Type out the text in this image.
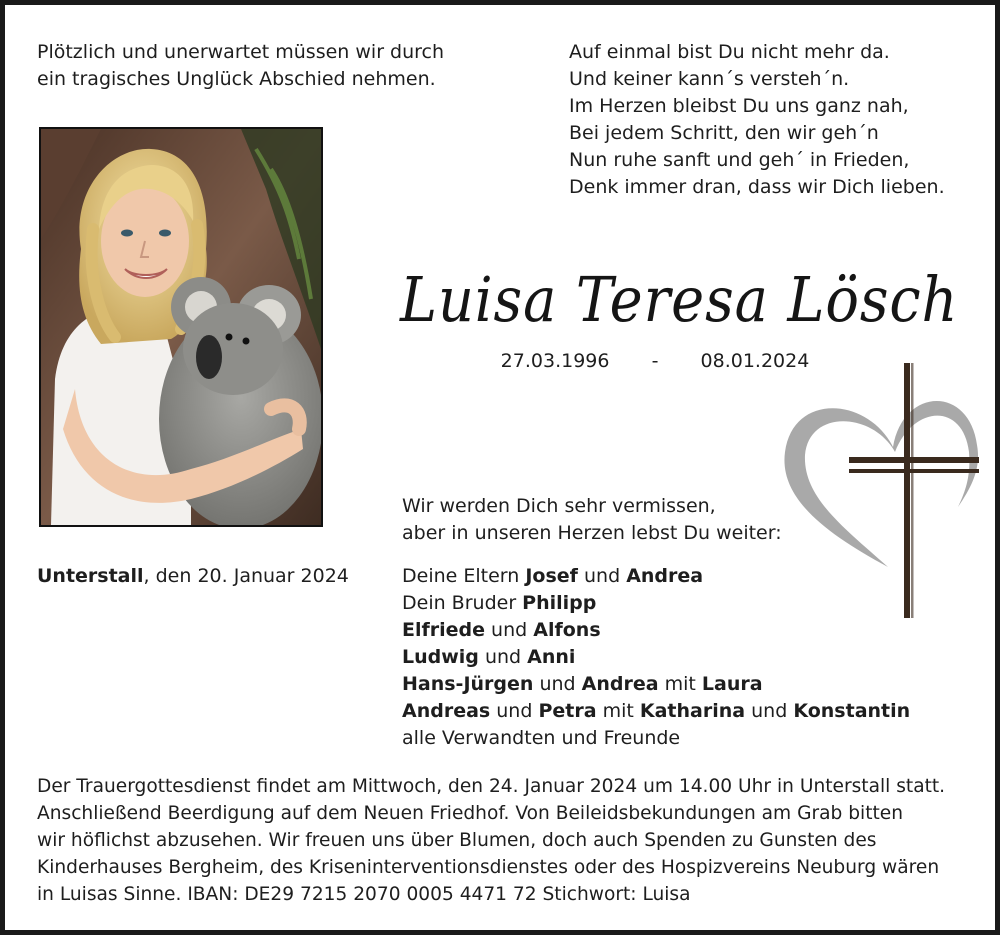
Plötzlich und unerwartet müssen wir durch
ein tragisches Unglück Abschied nehmen.
Auf einmal bist Du nicht mehr da.
Und keiner kann´s versteh´n.
Im Herzen bleibst Du uns ganz nah,
Bei jedem Schritt, den wir geh´n
Nun ruhe sanft und geh´ in Frieden,
Denk immer dran, dass wir Dich lieben.
Luisa Teresa Lösch
27.03.1996 - 08.01.2024
Wir werden Dich sehr vermissen,
aber in unseren Herzen lebst Du weiter:
Unterstall, den 20. Januar 2024	Deine Eltern Josef und Andrea
Dein Bruder Philipp
Elfriede und Alfons
Ludwig und Anni
Hans-Jürgen und Andrea mit Laura
Andreas und Petra mit Katharina und Konstantin
alle Verwandten und Freunde
Der Trauergottesdienst findet am Mittwoch, den 24. Januar 2024 um 14.00 Uhr in Unterstall statt.
Anschließend Beerdigung auf dem Neuen Friedhof. Von Beileidsbekundungen am Grab bitten
wir höflichst abzusehen. Wir freuen uns über Blumen, doch auch Spenden zu Gunsten des
Kinderhauses Bergheim, des Kriseninterventionsdienstes oder des Hospizvereins Neuburg wären
in Luisas Sinne. IBAN: DE29 7215 2070 0005 4471 72 Stichwort: Luisa
